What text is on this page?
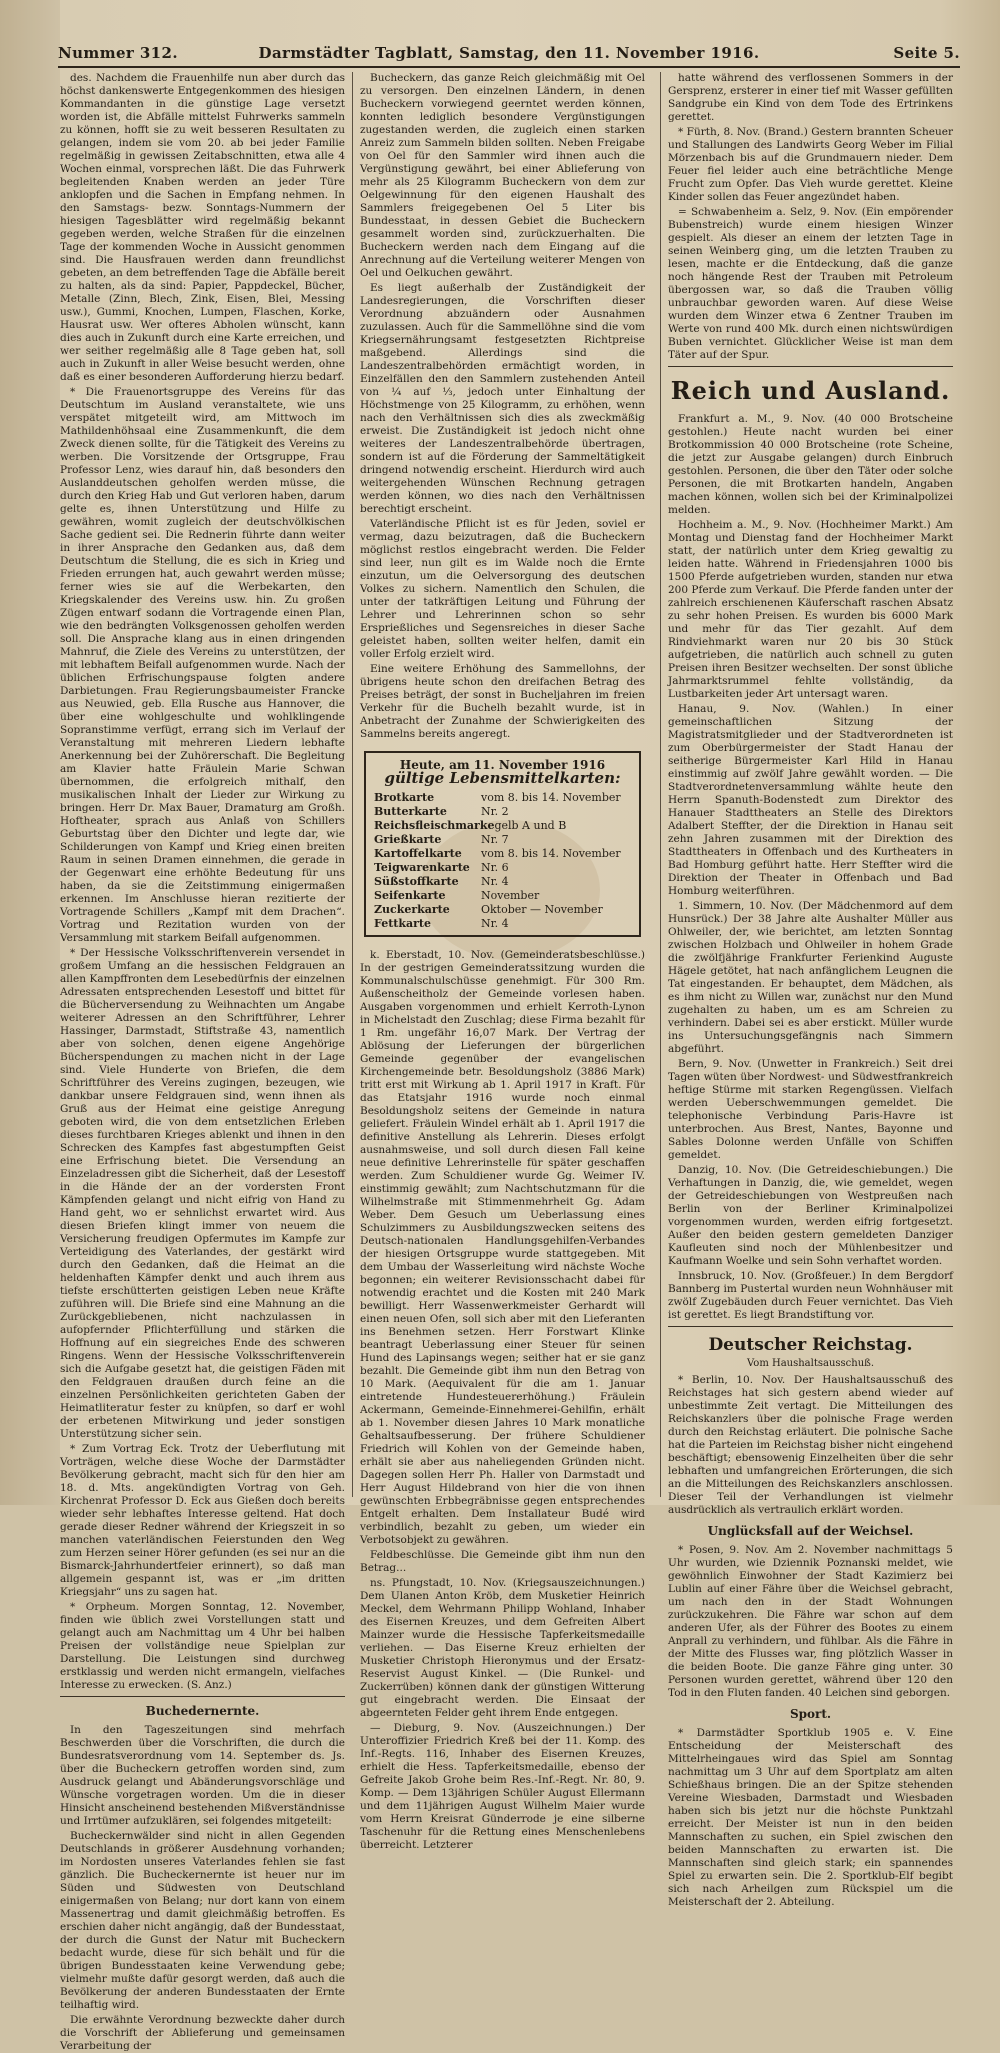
Nummer 312.	Darmstädter Tagblatt, Samstag, den 11. November 1916.	Seite 5.

des. Nachdem die Frauenhilfe nun aber durch das höchst dankenswerte Entgegenkommen des hiesigen Kommandanten in die günstige Lage versetzt worden ist, die Abfälle mittelst Fuhrwerks sammeln zu können, hofft sie zu weit besseren Resultaten zu gelangen, indem sie vom 20. ab bei jeder Familie regelmäßig in gewissen Zeitabschnitten, etwa alle 4 Wochen einmal, vorsprechen läßt. Die das Fuhrwerk begleitenden Knaben werden an jeder Türe anklopfen und die Sachen in Empfang nehmen. In den Samstags- bezw. Sonntags-Nummern der hiesigen Tagesblätter wird regelmäßig bekannt gegeben werden, welche Straßen für die einzelnen Tage der kommenden Woche in Aussicht genommen sind. Die Hausfrauen werden dann freundlichst gebeten, an dem betreffenden Tage die Abfälle bereit zu halten, als da sind: Papier, Pappdeckel, Bücher, Metalle (Zinn, Blech, Zink, Eisen, Blei, Messing usw.), Gummi, Knochen, Lumpen, Flaschen, Korke, Hausrat usw. Wer ofteres Abholen wünscht, kann dies auch in Zukunft durch eine Karte erreichen, und wer seither regelmäßig alle 8 Tage geben hat, soll auch in Zukunft in aller Weise besucht werden, ohne daß es einer besonderen Aufforderung hierzu bedarf.

* Die Frauenortsgruppe des Vereins für das Deutschtum im Ausland veranstaltete, wie uns verspätet mitgeteilt wird, am Mittwoch im Mathildenhöhsaal eine Zusammenkunft, die dem Zweck dienen sollte, für die Tätigkeit des Vereins zu werben. Die Vorsitzende der Ortsgruppe, Frau Professor Lenz, wies darauf hin, daß besonders den Auslanddeutschen geholfen werden müsse, die durch den Krieg Hab und Gut verloren haben, darum gelte es, ihnen Unterstützung und Hilfe zu gewähren, womit zugleich der deutschvölkischen Sache gedient sei. Die Rednerin führte dann weiter in ihrer Ansprache den Gedanken aus, daß dem Deutschtum die Stellung, die es sich in Krieg und Frieden errungen hat, auch gewahrt werden müsse; ferner wies sie auf die Werbekarten, den Kriegskalender des Vereins usw. hin. Zu großen Zügen entwarf sodann die Vortragende einen Plan, wie den bedrängten Volksgenossen geholfen werden soll. Die Ansprache klang aus in einen dringenden Mahnruf, die Ziele des Vereins zu unterstützen, der mit lebhaftem Beifall aufgenommen wurde. Nach der üblichen Erfrischungspause folgten andere Darbietungen. Frau Regierungsbaumeister Francke aus Neuwied, geb. Ella Rusche aus Hannover, die über eine wohlgeschulte und wohlklingende Sopranstimme verfügt, errang sich im Verlauf der Veranstaltung mit mehreren Liedern lebhafte Anerkennung bei der Zuhörerschaft. Die Begleitung am Klavier hatte Fräulein Marie Schwan übernommen, die erfolgreich mithalf, den musikalischen Inhalt der Lieder zur Wirkung zu bringen. Herr Dr. Max Bauer, Dramaturg am Großh. Hoftheater, sprach aus Anlaß von Schillers Geburtstag über den Dichter und legte dar, wie Schilderungen von Kampf und Krieg einen breiten Raum in seinen Dramen einnehmen, die gerade in der Gegenwart eine erhöhte Bedeutung für uns haben, da sie die Zeitstimmung einigermaßen erkennen. Im Anschlusse hieran rezitierte der Vortragende Schillers „Kampf mit dem Drachen“. Vortrag und Rezitation wurden von der Versammlung mit starkem Beifall aufgenommen.

* Der Hessische Volksschriftenverein versendet in großem Umfang an die hessischen Feldgrauen an allen Kampffronten dem Lesebedürfnis der einzelnen Adressaten entsprechenden Lesestoff und bittet für die Bücherversendung zu Weihnachten um Angabe weiterer Adressen an den Schriftführer, Lehrer Hassinger, Darmstadt, Stiftstraße 43, namentlich aber von solchen, denen eigene Angehörige Bücherspendungen zu machen nicht in der Lage sind. Viele Hunderte von Briefen, die dem Schriftführer des Vereins zugingen, bezeugen, wie dankbar unsere Feldgrauen sind, wenn ihnen als Gruß aus der Heimat eine geistige Anregung geboten wird, die von dem entsetzlichen Erleben dieses furchtbaren Krieges ablenkt und ihnen in den Schrecken des Kampfes fast abgestumpften Geist eine Erfrischung bietet. Die Versendung an Einzeladressen gibt die Sicherheit, daß der Lesestoff in die Hände der an der vordersten Front Kämpfenden gelangt und nicht eifrig von Hand zu Hand geht, wo er sehnlichst erwartet wird. Aus diesen Briefen klingt immer von neuem die Versicherung freudigen Opfermutes im Kampfe zur Verteidigung des Vaterlandes, der gestärkt wird durch den Gedanken, daß die Heimat an die heldenhaften Kämpfer denkt und auch ihrem aus tiefste erschütterten geistigen Leben neue Kräfte zuführen will. Die Briefe sind eine Mahnung an die Zurückgebliebenen, nicht nachzulassen in aufopfernder Pflichterfüllung und stärken die Hoffnung auf ein siegreiches Ende des schweren Ringens. Wenn der Hessische Volksschriftenverein sich die Aufgabe gesetzt hat, die geistigen Fäden mit den Feldgrauen draußen durch feine an die einzelnen Persönlichkeiten gerichteten Gaben der Heimatliteratur fester zu knüpfen, so darf er wohl der erbetenen Mitwirkung und jeder sonstigen Unterstützung sicher sein.

* Zum Vortrag Eck. Trotz der Ueberflutung mit Vorträgen, welche diese Woche der Darmstädter Bevölkerung gebracht, macht sich für den hier am 18. d. Mts. angekündigten Vortrag von Geh. Kirchenrat Professor D. Eck aus Gießen doch bereits wieder sehr lebhaftes Interesse geltend. Hat doch gerade dieser Redner während der Kriegszeit in so manchen vaterländischen Feierstunden den Weg zum Herzen seiner Hörer gefunden (es sei nur an die Bismarck-Jahrhundertfeier erinnert), so daß man allgemein gespannt ist, was er „im dritten Kriegsjahr“ uns zu sagen hat.

* Orpheum. Morgen Sonntag, 12. November, finden wie üblich zwei Vorstellungen statt und gelangt auch am Nachmittag um 4 Uhr bei halben Preisen der vollständige neue Spielplan zur Darstellung. Die Leistungen sind durchweg erstklassig und werden nicht ermangeln, vielfaches Interesse zu erwecken. (S. Anz.)

Buchedernernte.

In den Tageszeitungen sind mehrfach Beschwerden über die Vorschriften, die durch die Bundesratsverordnung vom 14. September ds. Js. über die Bucheckern getroffen worden sind, zum Ausdruck gelangt und Abänderungsvorschläge und Wünsche vorgetragen worden. Um die in dieser Hinsicht anscheinend bestehenden Mißverständnisse und Irrtümer aufzuklären, sei folgendes mitgeteilt:

Bucheckernwälder sind nicht in allen Gegenden Deutschlands in größerer Ausdehnung vorhanden; im Nordosten unseres Vaterlandes fehlen sie fast gänzlich. Die Bucheckernernte ist heuer nur im Süden und Südwesten von Deutschland einigermaßen von Belang; nur dort kann von einem Massenertrag und damit gleichmäßig betroffen. Es erschien daher nicht angängig, daß der Bundesstaat, der durch die Gunst der Natur mit Bucheckern bedacht wurde, diese für sich behält und für die übrigen Bundesstaaten keine Verwendung gebe; vielmehr mußte dafür gesorgt werden, daß auch die Bevölkerung der anderen Bundesstaaten der Ernte teilhaftig wird.

Die erwähnte Verordnung bezweckte daher durch die Vorschrift der Ablieferung und gemeinsamen Verarbeitung der

Bucheckern, das ganze Reich gleichmäßig mit Oel zu versorgen. Den einzelnen Ländern, in denen Bucheckern vorwiegend geerntet werden können, konnten lediglich besondere Vergünstigungen zugestanden werden, die zugleich einen starken Anreiz zum Sammeln bilden sollten. Neben Freigabe von Oel für den Sammler wird ihnen auch die Vergünstigung gewährt, bei einer Ablieferung von mehr als 25 Kilogramm Bucheckern von dem zur Oelgewinnung für den eigenen Haushalt des Sammlers freigegebenen Oel 5 Liter bis Bundesstaat, in dessen Gebiet die Bucheckern gesammelt worden sind, zurückzuerhalten. Die Bucheckern werden nach dem Eingang auf die Anrechnung auf die Verteilung weiterer Mengen von Oel und Oelkuchen gewährt.

Es liegt außerhalb der Zuständigkeit der Landesregierungen, die Vorschriften dieser Verordnung abzuändern oder Ausnahmen zuzulassen. Auch für die Sammellöhne sind die vom Kriegsernährungsamt festgesetzten Richtpreise maßgebend. Allerdings sind die Landeszentralbehörden ermächtigt worden, in Einzelfällen den den Sammlern zustehenden Anteil von ¼ auf ⅓, jedoch unter Einhaltung der Höchstmenge von 25 Kilogramm, zu erhöhen, wenn nach den Verhältnissen sich dies als zweckmäßig erweist. Die Zuständigkeit ist jedoch nicht ohne weiteres der Landeszentralbehörde übertragen, sondern ist auf die Förderung der Sammeltätigkeit dringend notwendig erscheint. Hierdurch wird auch weitergehenden Wünschen Rechnung getragen werden können, wo dies nach den Verhältnissen berechtigt erscheint.

Vaterländische Pflicht ist es für Jeden, soviel er vermag, dazu beizutragen, daß die Bucheckern möglichst restlos eingebracht werden. Die Felder sind leer, nun gilt es im Walde noch die Ernte einzutun, um die Oelversorgung des deutschen Volkes zu sichern. Namentlich den Schulen, die unter der tatkräftigen Leitung und Führung der Lehrer und Lehrerinnen schon so sehr Ersprießliches und Segensreiches in dieser Sache geleistet haben, sollten weiter helfen, damit ein voller Erfolg erzielt wird.

Eine weitere Erhöhung des Sammellohns, der übrigens heute schon den dreifachen Betrag des Preises beträgt, der sonst in Bucheljahren im freien Verkehr für die Buchelh bezahlt wurde, ist in Anbetracht der Zunahme der Schwierigkeiten des Sammelns bereits angeregt.

Heute, am 11. November 1916
gültige Lebensmittelkarten:
Brotkarte	vom 8. bis 14. November
Butterkarte	Nr. 2
Reichsfleischmarke gelb A und B
Grießkarte	Nr. 7
Kartoffelkarte vom 8. bis 14. November
Teigwarenkarte Nr. 6
Süßstoffkarte Nr. 4
Seifenkarte	November
Zuckerkarte	Oktober — November
Fettkarte	Nr. 4

k. Eberstadt, 10. Nov. (Gemeinderatsbeschlüsse.) In der gestrigen Gemeinderatssitzung wurden die Kommunalschulschüsse genehmigt. Für 300 Rm. Außenscheitholz der Gemeinde vorlesen haben. Ausgaben vorgenommen und erhielt Kerroth-Lynon in Michelstadt den Zuschlag; diese Firma bezahlt für 1 Rm. ungefähr 16,07 Mark. Der Vertrag der Ablösung der Lieferungen der bürgerlichen Gemeinde gegenüber der evangelischen Kirchengemeinde betr. Besoldungsholz (3886 Mark) tritt erst mit Wirkung ab 1. April 1917 in Kraft. Für das Etatsjahr 1916 wurde noch einmal Besoldungsholz seitens der Gemeinde in natura geliefert. Fräulein Windel erhält ab 1. April 1917 die definitive Anstellung als Lehrerin. Dieses erfolgt ausnahmsweise, und soll durch diesen Fall keine neue definitive Lehrerinstelle für später geschaffen werden. Zum Schuldiener wurde Gg. Weimer IV. einstimmig gewählt; zum Nachtschutzmann für die Wilhelmstraße mit Stimmenmehrheit Gg. Adam Weber. Dem Gesuch um Ueberlassung eines Schulzimmers zu Ausbildungszwecken seitens des Deutsch-nationalen Handlungsgehilfen-Verbandes der hiesigen Ortsgruppe wurde stattgegeben. Mit dem Umbau der Wasserleitung wird nächste Woche begonnen; ein weiterer Revisionsschacht dabei für notwendig erachtet und die Kosten mit 240 Mark bewilligt. Herr Wassenwerkmeister Gerhardt will einen neuen Ofen, soll sich aber mit den Lieferanten ins Benehmen setzen. Herr Forstwart Klinke beantragt Ueberlassung einer Steuer für seinen Hund des Lapinsangs wegen; seither hat er sie ganz bezahlt. Die Gemeinde gibt ihm nun den Betrag von 10 Mark. (Aequivalent für die am 1. Januar eintretende Hundesteuererhöhung.) Fräulein Ackermann, Gemeinde-Einnehmerei-Gehilfin, erhält ab 1. November diesen Jahres 10 Mark monatliche Gehaltsaufbesserung. Der frühere Schuldiener Friedrich will Kohlen von der Gemeinde haben, erhält sie aber aus naheliegenden Gründen nicht. Dagegen sollen Herr Ph. Haller von Darmstadt und Herr August Hildebrand von hier die von ihnen gewünschten Erbbegräbnisse gegen entsprechendes Entgelt erhalten. Dem Installateur Budé wird verbindlich, bezahlt zu geben, um wieder ein Verbotsobjekt zu gewähren.

Feldbeschlüsse. Die Gemeinde gibt ihm nun den Betrag...

ns. Pfungstadt, 10. Nov. (Kriegsauszeichnungen.) Dem Ulanen Anton Kröb, dem Musketier Heinrich Meckel, dem Wehrmann Philipp Wohland, Inhaber des Eisernen Kreuzes, und dem Gefreiten Albert Mainzer wurde die Hessische Tapferkeitsmedaille verliehen. — Das Eiserne Kreuz erhielten der Musketier Christoph Hieronymus und der Ersatz-Reservist August Kinkel. — (Die Runkel- und Zuckerrüben) können dank der günstigen Witterung gut eingebracht werden. Die Einsaat der abgeernteten Felder geht ihrem Ende entgegen.

— Dieburg, 9. Nov. (Auszeichnungen.) Der Unteroffizier Friedrich Kreß bei der 11. Komp. des Inf.-Regts. 116, Inhaber des Eisernen Kreuzes, erhielt die Hess. Tapferkeitsmedaille, ebenso der Gefreite Jakob Grohe beim Res.-Inf.-Regt. Nr. 80, 9. Komp. — Dem 13jährigen Schüler August Ellermann und dem 11jährigen August Wilhelm Maier wurde vom Herrn Kreisrat Günderrode je eine silberne Taschenuhr für die Rettung eines Menschenlebens überreicht. Letzterer

hatte während des verflossenen Sommers in der Gersprenz, ersterer in einer tief mit Wasser gefüllten Sandgrube ein Kind von dem Tode des Ertrinkens gerettet.

* Fürth, 8. Nov. (Brand.) Gestern brannten Scheuer und Stallungen des Landwirts Georg Weber im Filial Mörzenbach bis auf die Grundmauern nieder. Dem Feuer fiel leider auch eine beträchtliche Menge Frucht zum Opfer. Das Vieh wurde gerettet. Kleine Kinder sollen das Feuer angezündet haben.

= Schwabenheim a. Selz, 9. Nov. (Ein empörender Bubenstreich) wurde einem hiesigen Winzer gespielt. Als dieser an einem der letzten Tage in seinen Weinberg ging, um die letzten Trauben zu lesen, machte er die Entdeckung, daß die ganze noch hängende Rest der Trauben mit Petroleum übergossen war, so daß die Trauben völlig unbrauchbar geworden waren. Auf diese Weise wurden dem Winzer etwa 6 Zentner Trauben im Werte von rund 400 Mk. durch einen nichtswürdigen Buben vernichtet. Glücklicher Weise ist man dem Täter auf der Spur.

Reich und Ausland.

Frankfurt a. M., 9. Nov. (40 000 Brotscheine gestohlen.) Heute nacht wurden bei einer Brotkommission 40 000 Brotscheine (rote Scheine, die jetzt zur Ausgabe gelangen) durch Einbruch gestohlen. Personen, die über den Täter oder solche Personen, die mit Brotkarten handeln, Angaben machen können, wollen sich bei der Kriminalpolizei melden.

Hochheim a. M., 9. Nov. (Hochheimer Markt.) Am Montag und Dienstag fand der Hochheimer Markt statt, der natürlich unter dem Krieg gewaltig zu leiden hatte. Während in Friedensjahren 1000 bis 1500 Pferde aufgetrieben wurden, standen nur etwa 200 Pferde zum Verkauf. Die Pferde fanden unter der zahlreich erschienenen Käuferschaft raschen Absatz zu sehr hohen Preisen. Es wurden bis 6000 Mark und mehr für das Tier gezahlt. Auf dem Rindviehmarkt waren nur 20 bis 30 Stück aufgetrieben, die natürlich auch schnell zu guten Preisen ihren Besitzer wechselten. Der sonst übliche Jahrmarktsrummel fehlte vollständig, da Lustbarkeiten jeder Art untersagt waren.

Hanau, 9. Nov. (Wahlen.) In einer gemeinschaftlichen Sitzung der Magistratsmitglieder und der Stadtverordneten ist zum Oberbürgermeister der Stadt Hanau der seitherige Bürgermeister Karl Hild in Hanau einstimmig auf zwölf Jahre gewählt worden. — Die Stadtverordnetenversammlung wählte heute den Herrn Spanuth-Bodenstedt zum Direktor des Hanauer Stadttheaters an Stelle des Direktors Adalbert Steffter, der die Direktion in Hanau seit zehn Jahren zusammen mit der Direktion des Stadttheaters in Offenbach und des Kurtheaters in Bad Homburg geführt hatte. Herr Steffter wird die Direktion der Theater in Offenbach und Bad Homburg weiterführen.

1. Simmern, 10. Nov. (Der Mädchenmord auf dem Hunsrück.) Der 38 Jahre alte Aushalter Müller aus Ohlweiler, der, wie berichtet, am letzten Sonntag zwischen Holzbach und Ohlweiler in hohem Grade die zwölfjährige Frankfurter Ferienkind Auguste Hägele getötet, hat nach anfänglichem Leugnen die Tat eingestanden. Er behauptet, dem Mädchen, als es ihm nicht zu Willen war, zunächst nur den Mund zugehalten zu haben, um es am Schreien zu verhindern. Dabei sei es aber erstickt. Müller wurde ins Untersuchungsgefängnis nach Simmern abgeführt.

Bern, 9. Nov. (Unwetter in Frankreich.) Seit drei Tagen wüten über Nordwest- und Südwestfrankreich heftige Stürme mit starken Regengüssen. Vielfach werden Ueberschwemmungen gemeldet. Die telephonische Verbindung Paris-Havre ist unterbrochen. Aus Brest, Nantes, Bayonne und Sables Dolonne werden Unfälle von Schiffen gemeldet.

Danzig, 10. Nov. (Die Getreideschiebungen.) Die Verhaftungen in Danzig, die, wie gemeldet, wegen der Getreideschiebungen von Westpreußen nach Berlin von der Berliner Kriminalpolizei vorgenommen wurden, werden eifrig fortgesetzt. Außer den beiden gestern gemeldeten Danziger Kaufleuten sind noch der Mühlenbesitzer und Kaufmann Woelke und sein Sohn verhaftet worden.

Innsbruck, 10. Nov. (Großfeuer.) In dem Bergdorf Bannberg im Pustertal wurden neun Wohnhäuser mit zwölf Zugebäuden durch Feuer vernichtet. Das Vieh ist gerettet. Es liegt Brandstiftung vor.

Deutscher Reichstag.
Vom Haushaltsausschuß.

* Berlin, 10. Nov. Der Haushaltsausschuß des Reichstages hat sich gestern abend wieder auf unbestimmte Zeit vertagt. Die Mitteilungen des Reichskanzlers über die polnische Frage werden durch den Reichstag erläutert. Die polnische Sache hat die Parteien im Reichstag bisher nicht eingehend beschäftigt; ebensowenig Einzelheiten über die sehr lebhaften und umfangreichen Erörterungen, die sich an die Mitteilungen des Reichskanzlers anschlossen. Dieser Teil der Verhandlungen ist vielmehr ausdrücklich als vertraulich erklärt worden.

Unglücksfall auf der Weichsel.

* Posen, 9. Nov. Am 2. November nachmittags 5 Uhr wurden, wie Dziennik Poznanski meldet, wie gewöhnlich Einwohner der Stadt Kazimierz bei Lublin auf einer Fähre über die Weichsel gebracht, um nach den in der Stadt Wohnungen zurückzukehren. Die Fähre war schon auf dem anderen Ufer, als der Führer des Bootes zu einem Anprall zu verhindern, und fühlbar. Als die Fähre in der Mitte des Flusses war, fing plötzlich Wasser in die beiden Boote. Die ganze Fähre ging unter. 30 Personen wurden gerettet, während über 120 den Tod in den Fluten fanden. 40 Leichen sind geborgen.

Sport.

* Darmstädter Sportklub 1905 e. V. Eine Entscheidung der Meisterschaft des Mittelrheingaues wird das Spiel am Sonntag nachmittag um 3 Uhr auf dem Sportplatz am alten Schießhaus bringen. Die an der Spitze stehenden Vereine Wiesbaden, Darmstadt und Wiesbaden haben sich bis jetzt nur die höchste Punktzahl erreicht. Der Meister ist nun in den beiden Mannschaften zu suchen, ein Spiel zwischen den beiden Mannschaften zu erwarten ist. Die Mannschaften sind gleich stark; ein spannendes Spiel zu erwarten sein. Die 2. Sportklub-Elf begibt sich nach Arheilgen zum Rückspiel um die Meisterschaft der 2. Abteilung.
